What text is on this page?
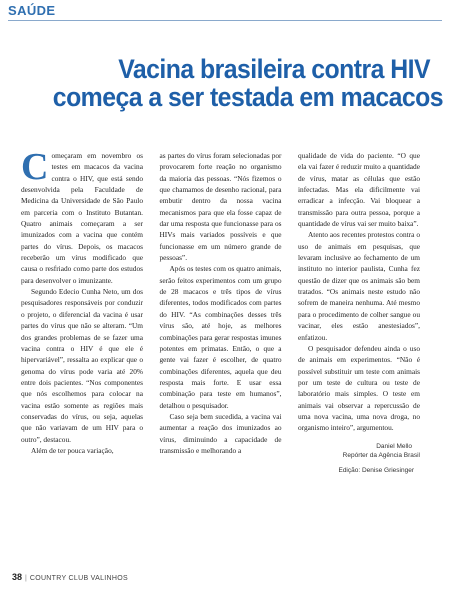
SAÚDE
Vacina brasileira contra HIV
começa a ser testada em macacos

Começaram em novembro os testes em macacos da vacina contra o HIV, que está sendo desenvolvida pela Faculdade de Medicina da Universidade de São Paulo em parceria com o Instituto Butantan. Quatro animais começaram a ser imunizados com a vacina que contém partes do vírus. Depois, os macacos receberão um vírus modificado que causa o resfriado como parte dos estudos para desenvolver o imunizante.

Segundo Edecio Cunha Neto, um dos pesquisadores responsáveis por conduzir o projeto, o diferencial da vacina é usar partes do vírus que não se alteram. “Um dos grandes problemas de se fazer uma vacina contra o HIV é que ele é hipervariável”, ressalta ao explicar que o genoma do vírus pode varia até 20% entre dois pacientes. “Nos componentes que nós escolhemos para colocar na vacina estão somente as regiões mais conservadas do vírus, ou seja, aquelas que não variavam de um HIV para o outro”, destacou.

Além de ter pouca variação,

as partes do vírus foram selecionadas por provocarem forte reação no organismo da maioria das pessoas. “Nós fizemos o que chamamos de desenho racional, para embutir dentro da nossa vacina mecanismos para que ela fosse capaz de dar uma resposta que funcionasse para os HIVs mais variados possíveis e que funcionasse em um número grande de pessoas”.

Após os testes com os quatro animais, serão feitos experimentos com um grupo de 28 macacos e três tipos de vírus diferentes, todos modificados com partes do HIV. “As combinações desses três vírus são, até hoje, as melhores combinações para gerar respostas imunes potentes em primatas. Então, o que a gente vai fazer é escolher, de quatro combinações diferentes, aquela que deu resposta mais forte. E usar essa combinação para teste em humanos”, detalhou o pesquisador.

Caso seja bem sucedida, a vacina vai aumentar a reação dos imunizados ao vírus, diminuindo a capacidade de transmissão e melhorando a

qualidade de vida do paciente. “O que ela vai fazer é reduzir muito a quantidade de vírus, matar as células que estão infectadas. Mas ela dificilmente vai erradicar a infecção. Vai bloquear a transmissão para outra pessoa, porque a quantidade de vírus vai ser muito baixa”.

Atento aos recentes protestos contra o uso de animais em pesquisas, que levaram inclusive ao fechamento de um instituto no interior paulista, Cunha fez questão de dizer que os animais são bem tratados. “Os animais neste estudo não sofrem de maneira nenhuma. Até mesmo para o procedimento de colher sangue ou vacinar, eles estão anestesiados”, enfatizou.

O pesquisador defendeu ainda o uso de animais em experimentos. “Não é possível substituir um teste com animais por um teste de cultura ou teste de laboratório mais simples. O teste em animais vai observar a repercussão de uma nova vacina, uma nova droga, no organismo inteiro”, argumentou.

Daniel Mello
Repórter da Agência Brasil
Edição: Denise Griesinger
38 | COUNTRY CLUB VALINHOS
